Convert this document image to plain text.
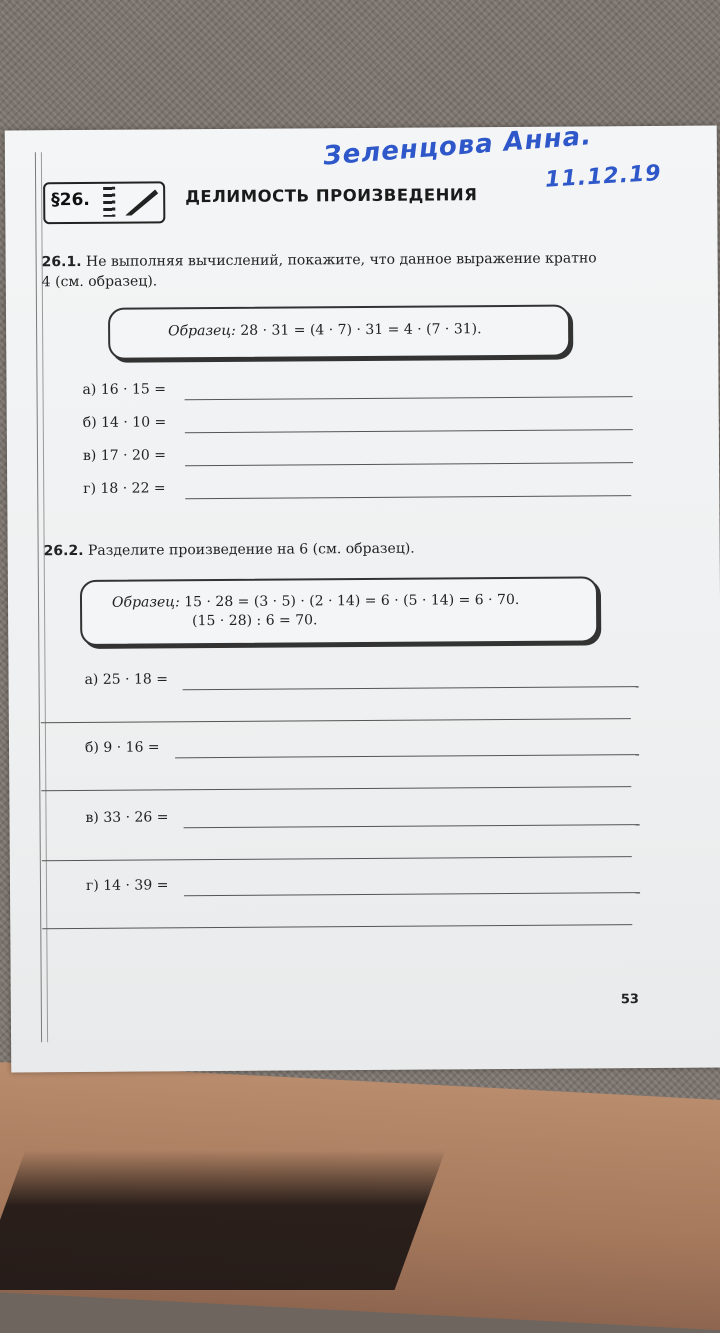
Зеленцова Анна.
11.12.19
§26.	ДЕЛИМОСТЬ ПРОИЗВЕДЕНИЯ
26.1. Не выполняя вычислений, покажите, что данное выражение кратно
4 (см. образец).
Образец: 28 · 31 = (4 · 7) · 31 = 4 · (7 · 31).
а) 16 · 15 =
б) 14 · 10 =
в) 17 · 20 =
г) 18 · 22 =
26.2. Разделите произведение на 6 (см. образец).
Образец: 15 · 28 = (3 · 5) · (2 · 14) = 6 · (5 · 14) = 6 · 70.
(15 · 28) : 6 = 70.
а) 25 · 18 =
б) 9 · 16 =
в) 33 · 26 =
г) 14 · 39 =
53
